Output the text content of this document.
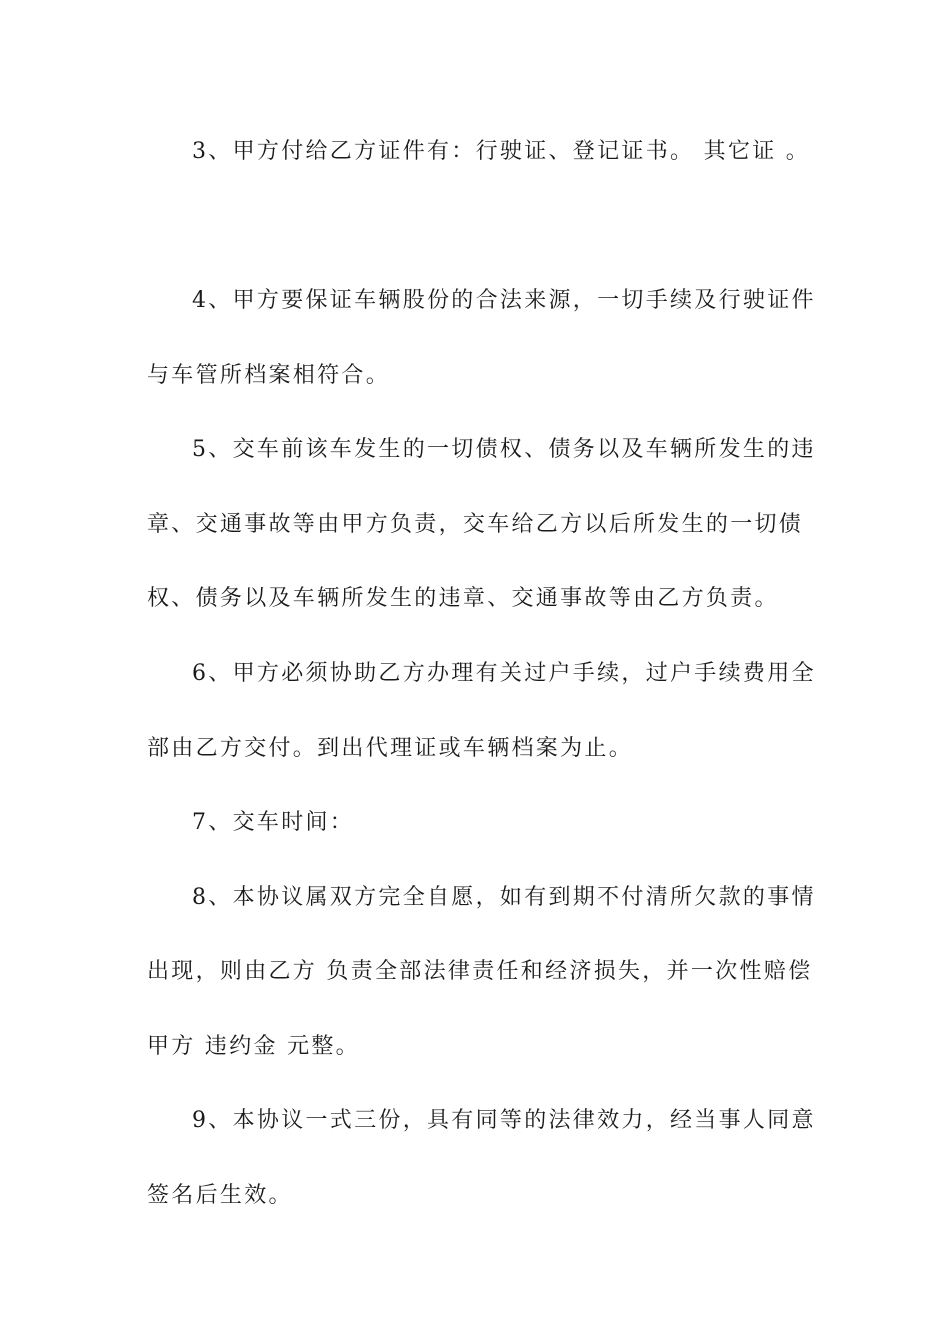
3、甲方付给乙方证件有：行驶证、登记证书。 其它证 。
4、甲方要保证车辆股份的合法来源，一切手续及行驶证件
与车管所档案相符合。
5、交车前该车发生的一切债权、债务以及车辆所发生的违
章、交通事故等由甲方负责，交车给乙方以后所发生的一切债
权、债务以及车辆所发生的违章、交通事故等由乙方负责。
6、甲方必须协助乙方办理有关过户手续，过户手续费用全
部由乙方交付。到出代理证或车辆档案为止。
7、交车时间：
8、本协议属双方完全自愿，如有到期不付清所欠款的事情
出现，则由乙方 负责全部法律责任和经济损失，并一次性赔偿
甲方 违约金 元整。
9、本协议一式三份，具有同等的法律效力，经当事人同意
签名后生效。
